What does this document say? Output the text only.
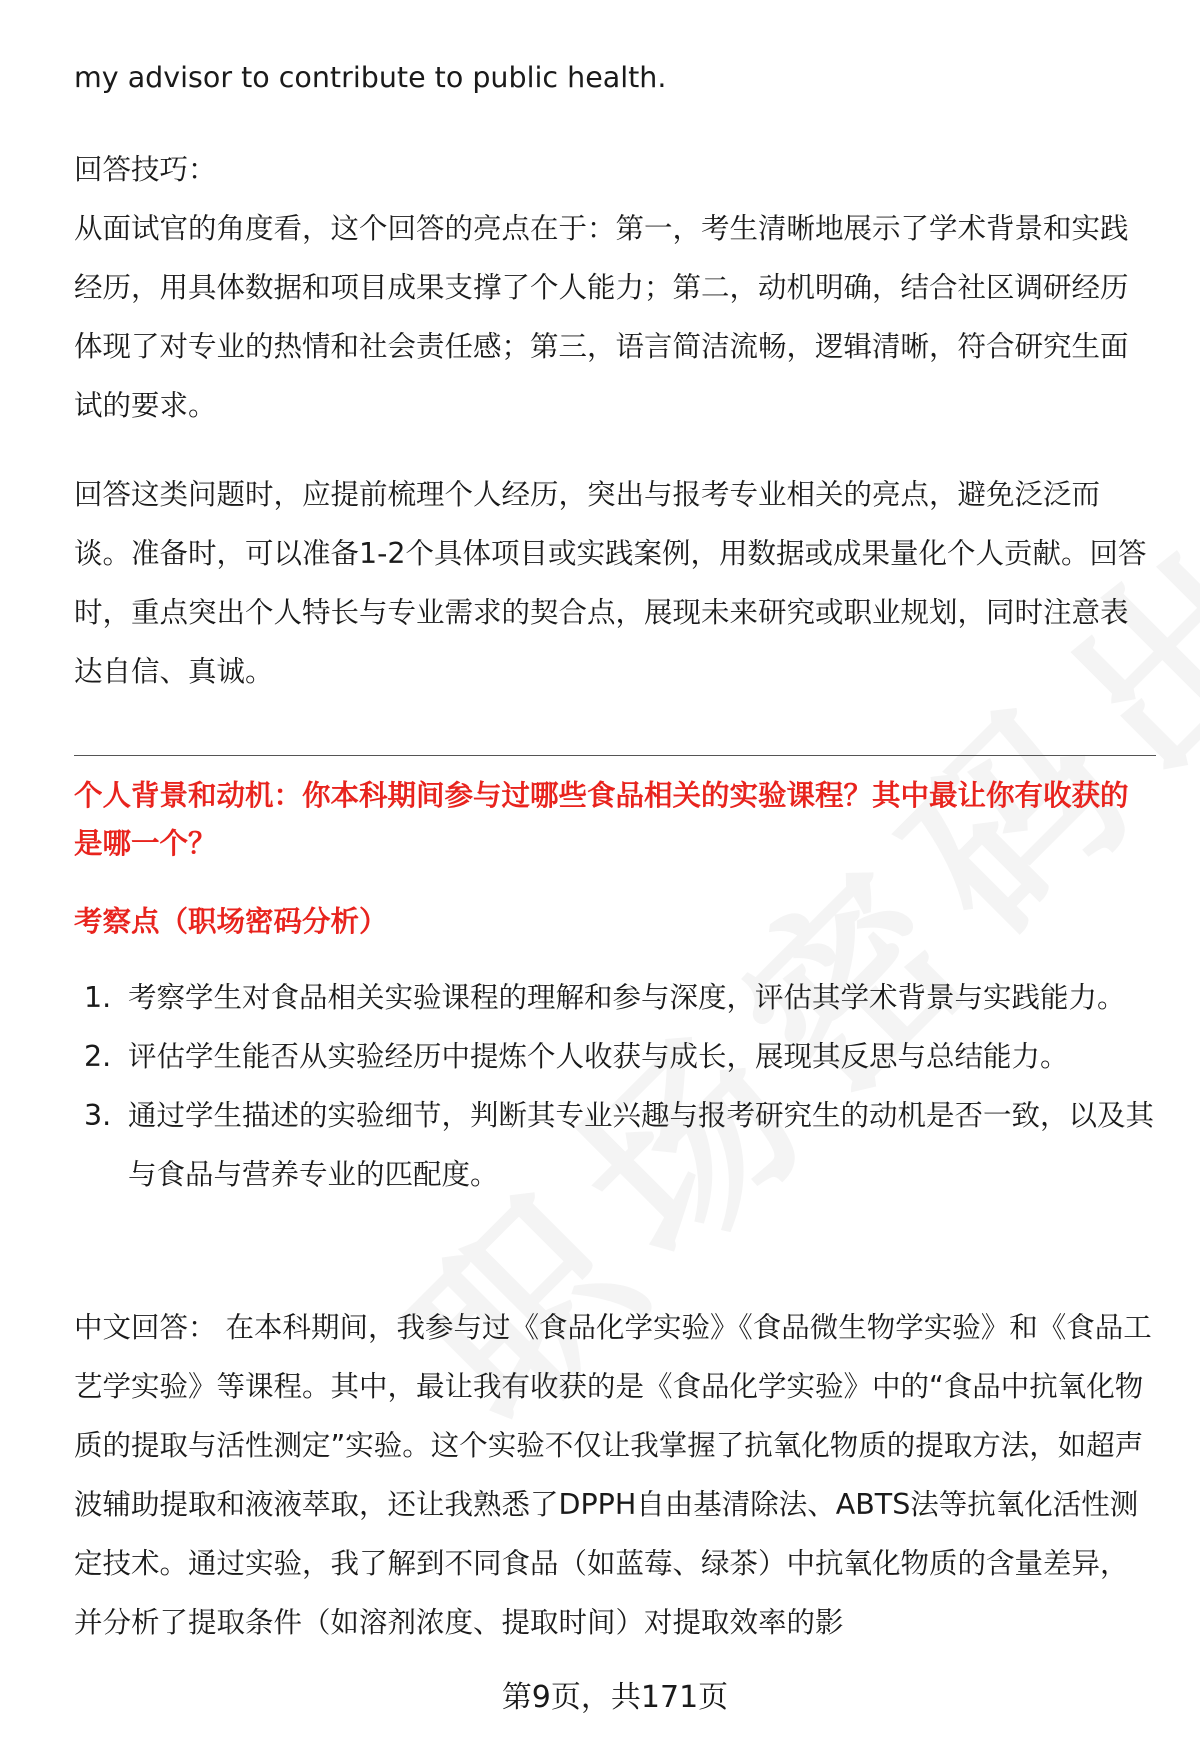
my advisor to contribute to public health.

回答技巧：

从面试官的角度看，这个回答的亮点在于：第一，考生清晰地展示了学术背景和实践经历，用具体数据和项目成果支撑了个人能力；第二，动机明确，结合社区调研经历体现了对专业的热情和社会责任感；第三，语言简洁流畅，逻辑清晰，符合研究生面试的要求。

回答这类问题时，应提前梳理个人经历，突出与报考专业相关的亮点，避免泛泛而谈。准备时，可以准备1-2个具体项目或实践案例，用数据或成果量化个人贡献。回答时，重点突出个人特长与专业需求的契合点，展现未来研究或职业规划，同时注意表达自信、真诚。

个人背景和动机：你本科期间参与过哪些食品相关的实验课程？其中最让你有收获的是哪一个？
考察点（职场密码分析）
1. 考察学生对食品相关实验课程的理解和参与深度，评估其学术背景与实践能力。
2. 评估学生能否从实验经历中提炼个人收获与成长，展现其反思与总结能力。
3. 通过学生描述的实验细节，判断其专业兴趣与报考研究生的动机是否一致，以及其与食品与营养专业的匹配度。

中文回答： 在本科期间，我参与过《食品化学实验》《食品微生物学实验》和《食品工艺学实验》等课程。其中，最让我有收获的是《食品化学实验》中的“食品中抗氧化物质的提取与活性测定”实验。这个实验不仅让我掌握了抗氧化物质的提取方法，如超声波辅助提取和液液萃取，还让我熟悉了DPPH自由基清除法、ABTS法等抗氧化活性测定技术。通过实验，我了解到不同食品（如蓝莓、绿茶）中抗氧化物质的含量差异，并分析了提取条件（如溶剂浓度、提取时间）对提取效率的影

第9页，共171页
